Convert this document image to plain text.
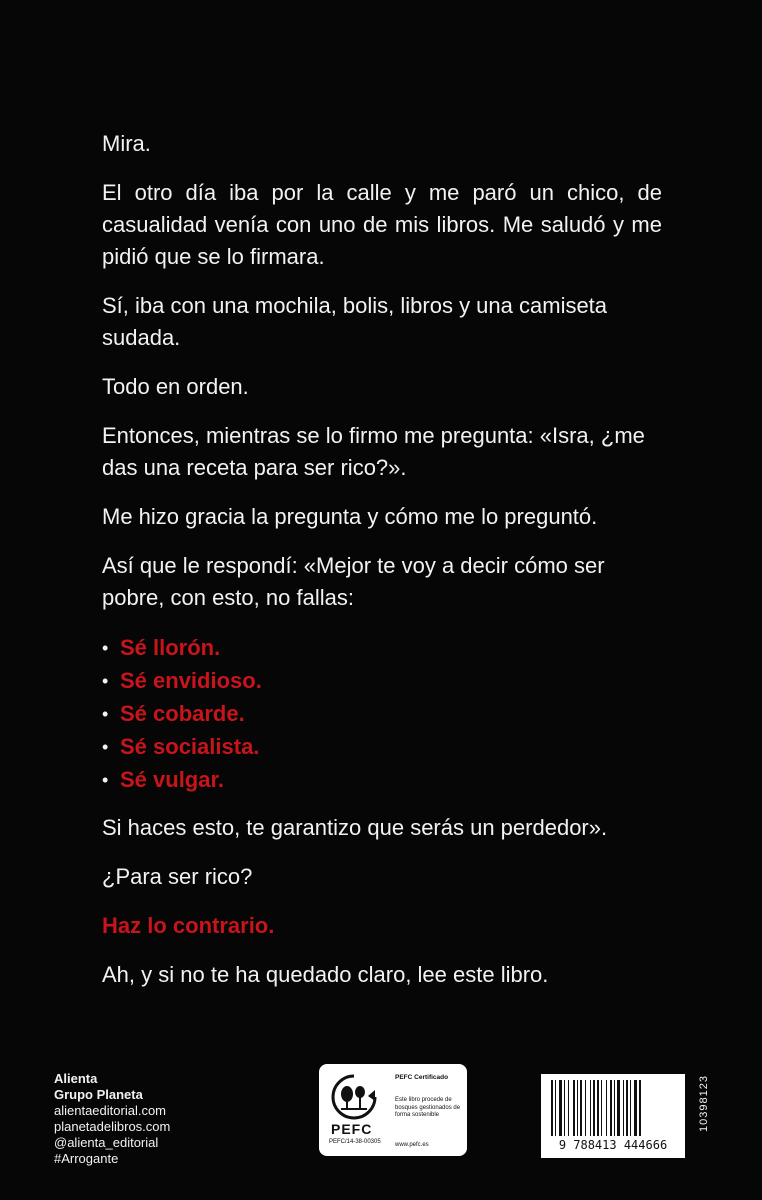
Mira.

El otro día iba por la calle y me paró un chico, de casualidad venía con uno de mis libros. Me saludó y me pidió que se lo firmara.

Sí, iba con una mochila, bolis, libros y una camiseta sudada.

Todo en orden.

Entonces, mientras se lo firmo me pregunta: «Isra, ¿me das una receta para ser rico?».

Me hizo gracia la pregunta y cómo me lo preguntó.

Así que le respondí: «Mejor te voy a decir cómo ser pobre, con esto, no fallas:

• Sé llorón.
• Sé envidioso.
• Sé cobarde.
• Sé socialista.
• Sé vulgar.

Si haces esto, te garantizo que serás un perdedor».

¿Para ser rico?

Haz lo contrario.

Ah, y si no te ha quedado claro, lee este libro.

Alienta
Grupo Planeta
alientaeditorial.com
planetadelibros.com
@alienta_editorial
#Arrogante
PEFC
PEFC/14-38-00305
PEFC Certificado
Este libro procede de bosques gestionados de forma sostenible
www.pefc.es	9 788413 444666
10398123
